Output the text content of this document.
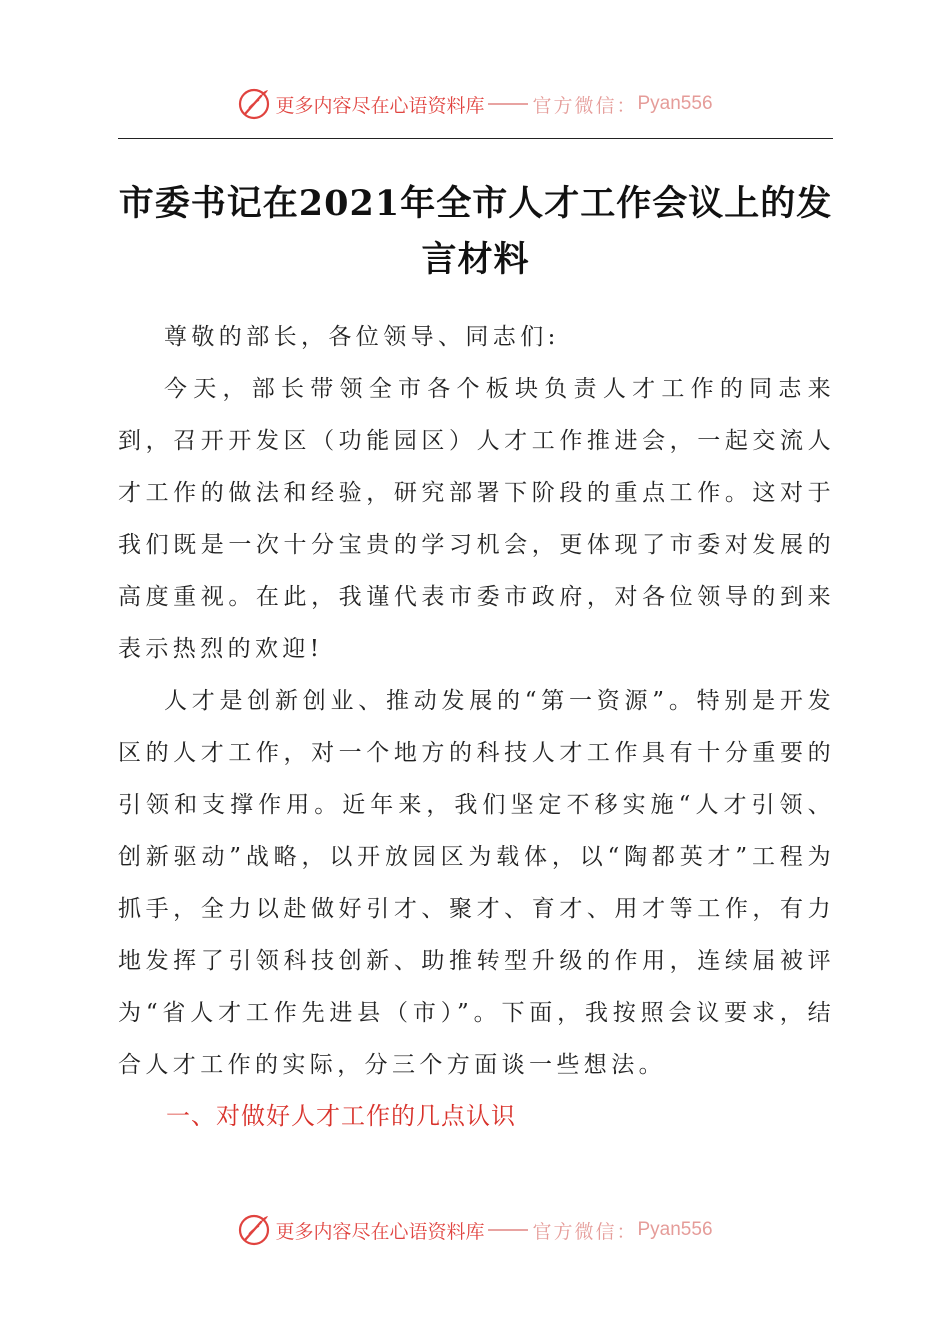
更多内容尽在心语资料库	官方微信： Pyan556
市委书记在2021年全市人才工作会议上的发言材料

尊敬的部长，各位领导、同志们:

今天，部长带领全市各个板块负责人才工作的同志来到，召开开发区（功能园区）人才工作推进会，一起交流人才工作的做法和经验，研究部署下阶段的重点工作。这对于我们既是一次十分宝贵的学习机会，更体现了市委对发展的高度重视。在此，我谨代表市委市政府，对各位领导的到来表示热烈的欢迎!

人才是创新创业、推动发展的“第一资源”。特别是开发区的人才工作，对一个地方的科技人才工作具有十分重要的引领和支撑作用。近年来，我们坚定不移实施“人才引领、创新驱动”战略，以开放园区为载体，以“陶都英才”工程为抓手，全力以赴做好引才、聚才、育才、用才等工作，有力地发挥了引领科技创新、助推转型升级的作用，连续届被评为“省人才工作先进县（市）”。下面，我按照会议要求，结合人才工作的实际，分三个方面谈一些想法。

一、对做好人才工作的几点认识
更多内容尽在心语资料库	官方微信： Pyan556
